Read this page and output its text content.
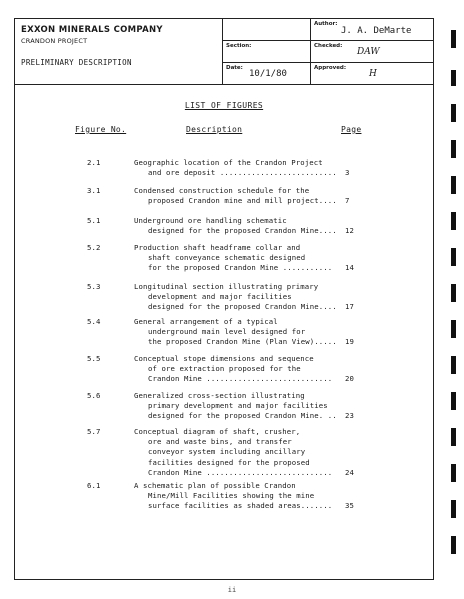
EXXON MINERALS COMPANY
CRANDON PROJECT
PRELIMINARY DESCRIPTION
Section:
Date:
10/1/80
Author:
J. A. DeMarte
Checked:
DAW
Approved:
H
LIST OF FIGURES
Figure No.	Description	Page
2.1	Geographic location of the Crandon Project
and ore deposit ..........................	3
3.1	Condensed construction schedule for the
proposed Crandon mine and mill project....	7
5.1	Underground ore handling schematic
designed for the proposed Crandon Mine....	12
5.2	Production shaft headframe collar and
shaft conveyance schematic designed
for the proposed Crandon Mine ...........	14
5.3	Longitudinal section illustrating primary
development and major facilities
designed for the proposed Crandon Mine....	17
5.4	General arrangement of a typical
underground main level designed for
the proposed Crandon Mine (Plan View).....	19
5.5	Conceptual stope dimensions and sequence
of ore extraction proposed for the
Crandon Mine ............................	20
5.6	Generalized cross-section illustrating
primary development and major facilities
designed for the proposed Crandon Mine. ..	23
5.7	Conceptual diagram of shaft, crusher,
ore and waste bins, and transfer
conveyor system including ancillary
facilities designed for the proposed
Crandon Mine ............................	24
6.1	A schematic plan of possible Crandon
Mine/Mill Facilities showing the mine
surface facilities as shaded areas.......	35
ii
